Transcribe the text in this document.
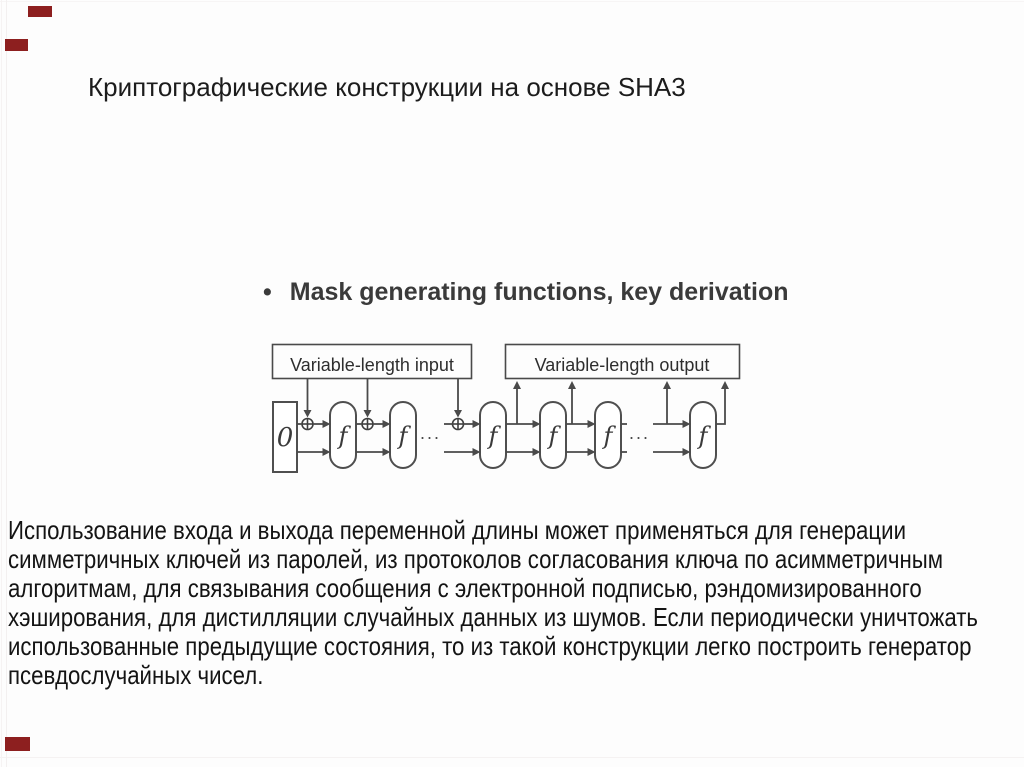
Криптографические конструкции на основе SHA3
• Mask generating functions, key derivation
Variable-length input	Variable-length output
0 f f	f f f	f
···	···
Использование входа и выхода переменной длины может применяться для генерации
симметричных ключей из паролей, из протоколов согласования ключа по асимметричным
алгоритмам, для связывания сообщения с электронной подписью, рэндомизированного
хэширования, для дистилляции случайных данных из шумов. Если периодически уничтожать
использованные предыдущие состояния, то из такой конструкции легко построить генератор
псевдослучайных чисел.
